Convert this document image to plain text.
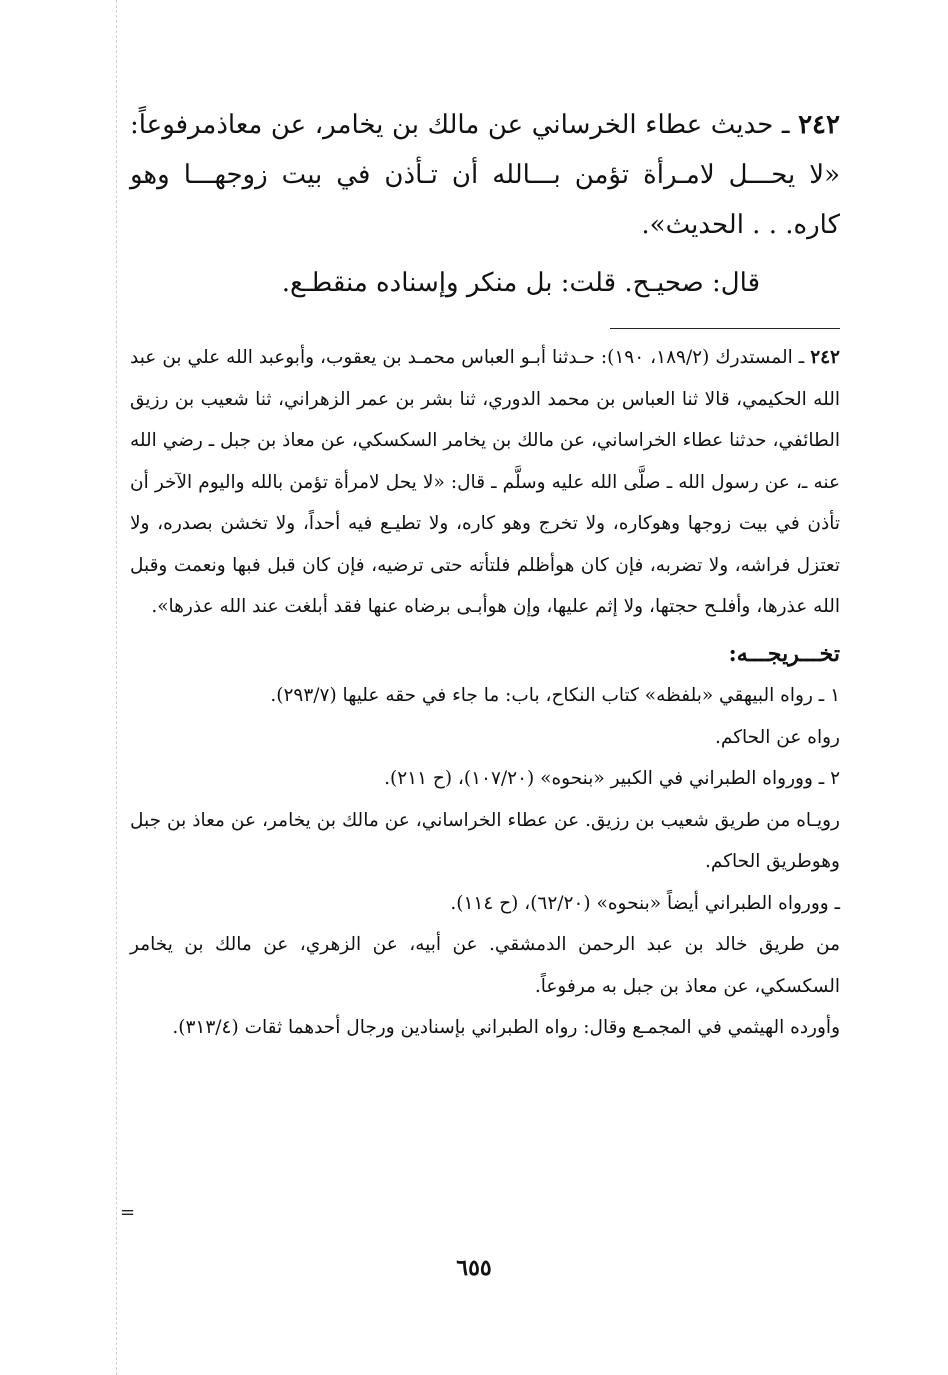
٢٤٢ ـ حديث عطاء الخرساني عن مالك بن يخامر، عن معاذمرفوعاً: «لا يحـــل لامـرأة تؤمن بـــالله أن تـأذن في بيت زوجهـــا وهو كاره. . . الحديث».

قال: صحيـح. قلت: بل منكر وإسناده منقطـع.

٢٤٢ ـ المستدرك (١٨٩/٢، ١٩٠): حـدثنا أبـو العباس محمـد بن يعقوب، وأبوعبد الله علي بن عبد الله الحكيمي، قالا ثنا العباس بن محمد الدوري، ثنا بشر بن عمر الزهراني، ثنا شعيب بن رزيق الطائفي، حدثنا عطاء الخراساني، عن مالك بن يخامر السكسكي، عن معاذ بن جبل ـ رضي الله عنه ـ، عن رسول الله ـ صلَّى الله عليه وسلَّم ـ قال: «لا يحل لامرأة تؤمن بالله واليوم الآخر أن تأذن في بيت زوجها وهوكاره، ولا تخرج وهو كاره، ولا تطيـع فيه أحداً، ولا تخشن بصدره، ولا تعتزل فراشه، ولا تضربه، فإن كان هوأظلم فلتأته حتى ترضيه، فإن كان قبل فبها ونعمت وقبل الله عذرها، وأفلـح حجتها، ولا إثم عليها، وإن هوأبـى برضاه عنها فقد أبلغت عند الله عذرها».

تخـــريجـــه:

١ ـ رواه البيهقي «بلفظه» كتاب النكاح، باب: ما جاء في حقه عليها (٢٩٣/٧).

رواه عن الحاكم.

٢ ـ وورواه الطبراني في الكبير «بنحوه» (١٠٧/٢٠)، (ح ٢١١).

رويـاه من طريق شعيب بن رزيق. عن عطاء الخراساني، عن مالك بن يخامر، عن معاذ بن جبل وهوطريق الحاكم.

ـ وورواه الطبراني أيضاً «بنحوه» (٦٢/٢٠)، (ح ١١٤).

من طريق خالد بن عبد الرحمن الدمشقي. عن أبيه، عن الزهري، عن مالك بن يخامر السكسكي، عن معاذ بن جبل به مرفوعاً.

وأورده الهيثمي في المجمـع وقال: رواه الطبراني بإسنادين ورجال أحدهما ثقات (٣١٣/٤).

=
٦٥٥
